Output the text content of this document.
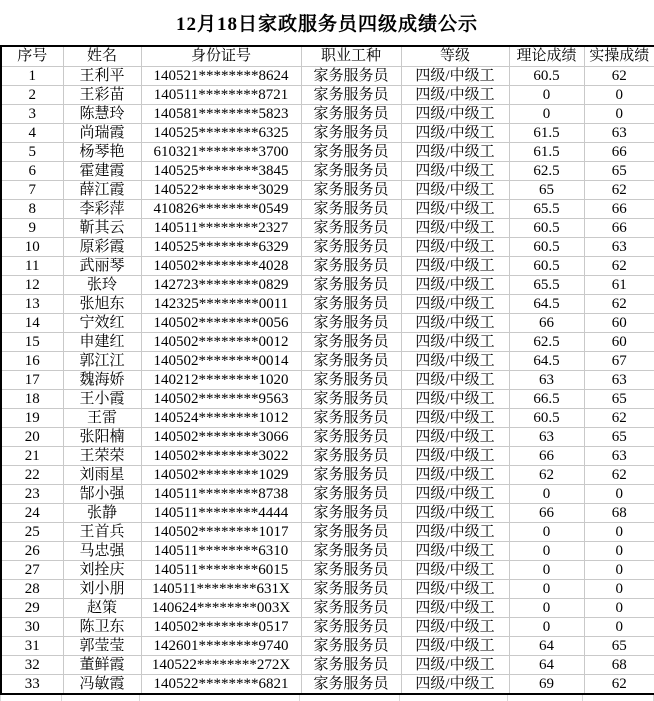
12月18日家政服务员四级成绩公示
序号	姓名	身份证号	职业工种	等级	理论成绩	实操成绩
1	王利平	140521********8624	家务服务员	四级/中级工	60.5	62
2	王彩苗	140511********8721	家务服务员	四级/中级工	0	0
3	陈慧玲	140581********5823	家务服务员	四级/中级工	0	0
4	尚瑞霞	140525********6325	家务服务员	四级/中级工	61.5	63
5	杨琴艳	610321********3700	家务服务员	四级/中级工	61.5	66
6	霍建霞	140525********3845	家务服务员	四级/中级工	62.5	65
7	薛江霞	140522********3029	家务服务员	四级/中级工	65	62
8	李彩萍	410826********0549	家务服务员	四级/中级工	65.5	66
9	靳其云	140511********2327	家务服务员	四级/中级工	60.5	66
10	原彩霞	140525********6329	家务服务员	四级/中级工	60.5	63
11	武丽琴	140502********4028	家务服务员	四级/中级工	60.5	62
12	张玲	142723********0829	家务服务员	四级/中级工	65.5	61
13	张旭东	142325********0011	家务服务员	四级/中级工	64.5	62
14	宁效红	140502********0056	家务服务员	四级/中级工	66	60
15	申建红	140502********0012	家务服务员	四级/中级工	62.5	60
16	郭江江	140502********0014	家务服务员	四级/中级工	64.5	67
17	魏海娇	140212********1020	家务服务员	四级/中级工	63	63
18	王小霞	140502********9563	家务服务员	四级/中级工	66.5	65
19	王雷	140524********1012	家务服务员	四级/中级工	60.5	62
20	张阳楠	140502********3066	家务服务员	四级/中级工	63	65
21	王荣荣	140502********3022	家务服务员	四级/中级工	66	63
22	刘雨星	140502********1029	家务服务员	四级/中级工	62	62
23	郜小强	140511********8738	家务服务员	四级/中级工	0	0
24	张静	140511********4444	家务服务员	四级/中级工	66	68
25	王首兵	140502********1017	家务服务员	四级/中级工	0	0
26	马忠强	140511********6310	家务服务员	四级/中级工	0	0
27	刘拴庆	140511********6015	家务服务员	四级/中级工	0	0
28	刘小朋	140511********631X	家务服务员	四级/中级工	0	0
29	赵策	140624********003X	家务服务员	四级/中级工	0	0
30	陈卫东	140502********0517	家务服务员	四级/中级工	0	0
31	郭莹莹	142601********9740	家务服务员	四级/中级工	64	65
32	董鲜霞	140522********272X	家务服务员	四级/中级工	64	68
33	冯敏霞	140522********6821	家务服务员	四级/中级工	69	62
